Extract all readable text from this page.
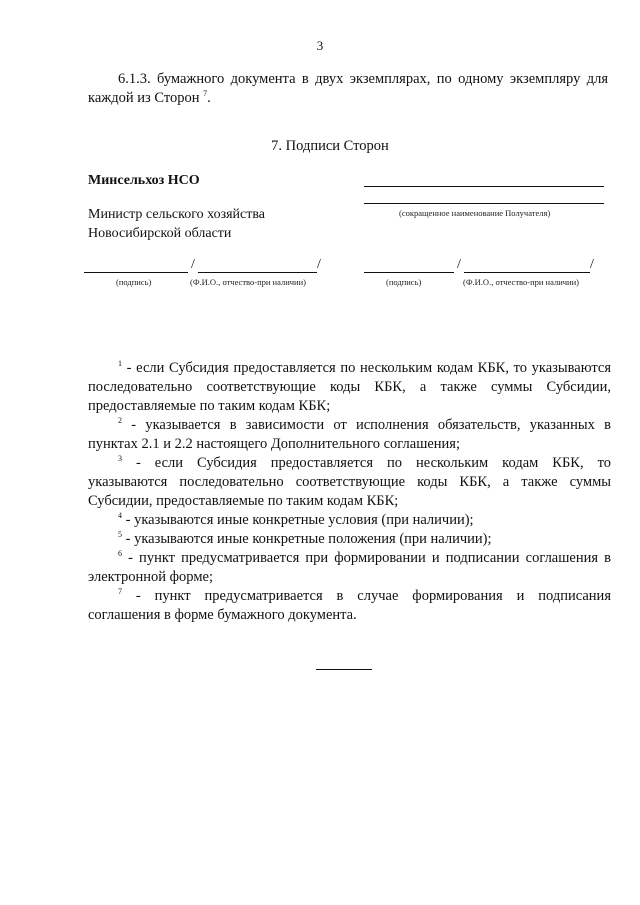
3
6.1.3. бумажного документа в двух экземплярах, по одному экземпляру для
каждой из Сторон $^7$.
7. Подписи Сторон
Минсельхоз НСО
Министр сельского хозяйства
Новосибирской области
(сокращенное наименование Получателя)
/	/
(подпись)	(Ф.И.О., отчество-при наличии)
/	/
(подпись)	(Ф.И.О., отчество-при наличии)
$^1$ - если Субсидия предоставляется по нескольким кодам КБК, то указываются
последовательно соответствующие коды КБК, а также суммы Субсидии,
предоставляемые по таким кодам КБК;
$^2$ - указывается в зависимости от исполнения обязательств, указанных в
пунктах 2.1 и 2.2 настоящего Дополнительного соглашения;
$^3$ - если Субсидия предоставляется по нескольким кодам КБК, то
указываются последовательно соответствующие коды КБК, а также суммы
Субсидии, предоставляемые по таким кодам КБК;
$^4$ - указываются иные конкретные условия (при наличии);
$^5$ - указываются иные конкретные положения (при наличии);
$^6$ - пункт предусматривается при формировании и подписании соглашения в
электронной форме;
$^7$ - пункт предусматривается в случае формирования и подписания
соглашения в форме бумажного документа.
